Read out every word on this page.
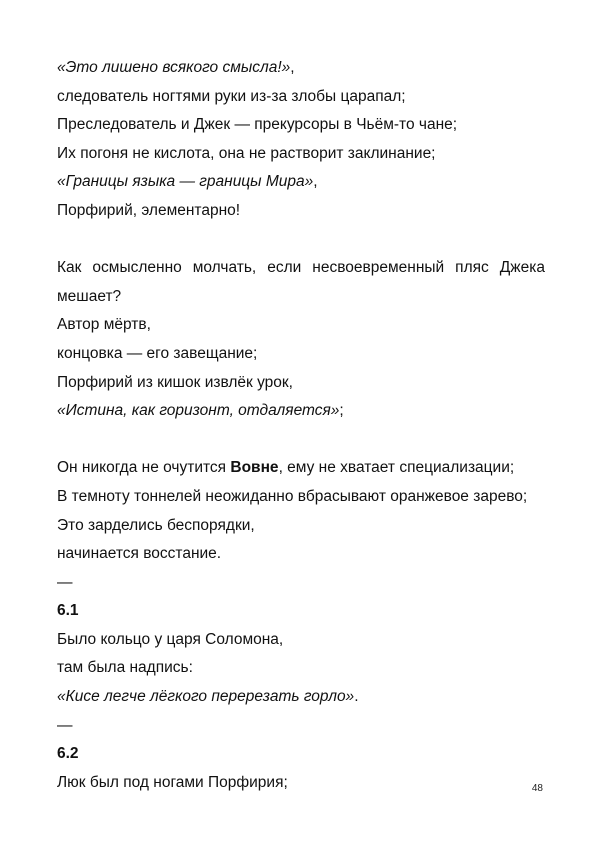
«Это лишено всякого смысла!»,
следователь ногтями руки из-за злобы царапал;
Преследователь и Джек — прекурсоры в Чьём-то чане;
Их погоня не кислота, она не растворит заклинание;
«Границы языка — границы Мира»,
Порфирий, элементарно!
Как осмысленно молчать, если несвоевременный пляс Джека мешает?
Автор мёртв,
концовка — его завещание;
Порфирий из кишок извлёк урок,
«Истина, как горизонт, отдаляется»;
Он никогда не очутится Вовне, ему не хватает специализации;
В темноту тоннелей неожиданно вбрасывают оранжевое зарево;
Это зарделись беспорядки,
начинается восстание.
—
6.1
Было кольцо у царя Соломона,
там была надпись:
«Кисе легче лёгкого перерезать горло».
—
6.2
Люк был под ногами Порфирия;	48
